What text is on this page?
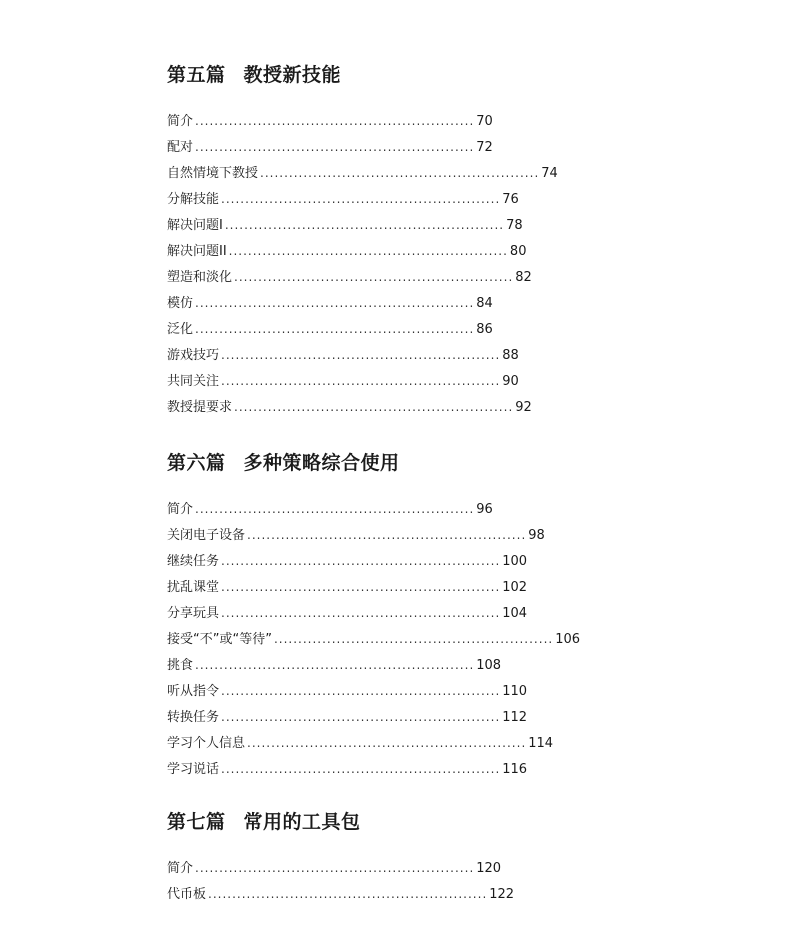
第五篇 教授新技能
简介 .......................................................... 70
配对 .......................................................... 72
自然情境下教授 .......................................................... 74
分解技能 .......................................................... 76
解决问题I .......................................................... 78
解决问题II .......................................................... 80
塑造和淡化 .......................................................... 82
模仿 .......................................................... 84
泛化 .......................................................... 86
游戏技巧 .......................................................... 88
共同关注 .......................................................... 90
教授提要求 .......................................................... 92
第六篇 多种策略综合使用
简介 .......................................................... 96
关闭电子设备 .......................................................... 98
继续任务 .......................................................... 100
扰乱课堂 .......................................................... 102
分享玩具 .......................................................... 104
接受“不”或“等待” .......................................................... 106
挑食 .......................................................... 108
听从指令 .......................................................... 110
转换任务 .......................................................... 112
学习个人信息 .......................................................... 114
学习说话 .......................................................... 116
第七篇 常用的工具包
简介 .......................................................... 120
代币板 .......................................................... 122
